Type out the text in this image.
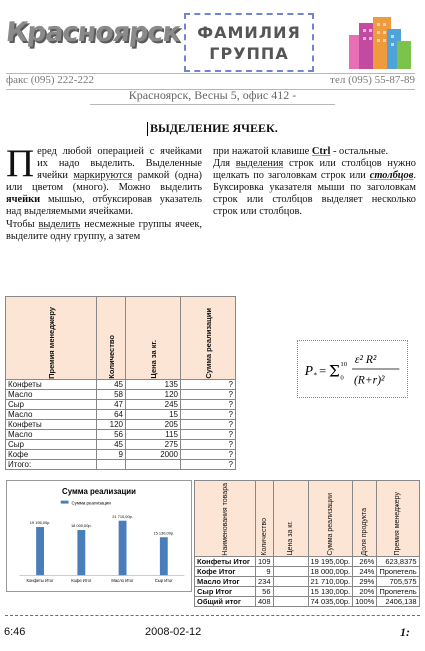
Красноярск ФАМИЛИЯ
ГРУППА
факс (095) 222-222	тел (095) 55-87-89
Красноярск, Весны 5, офис 412 -
ВЫДЕЛЕНИЕ ЯЧЕЕК.

П еред любой операцией с ячейками их надо выделить. Выделенные ячейки маркируются рамкой (одна) или цветом (много). Можно выделить ячейки мышью, отбуксировав указатель над выделяемыми ячейками.

Чтобы выделить несмежные группы ячеек, выделите одну группу, а затем

при нажатой клавише Ctrl - остальные.

Для выделения строк или столбцов нужно щелкать по заголовкам строк или столбцов. Буксировка указателя мыши по заголовкам строк или столбцов выделяет несколько строк или столбцов.

Премия менеджеру	Количество	Цена за кг.	Сумма реализации

Конфеты	45	135	?
Масло	58	120	?
Сыр	47	245	?
Масло	64	15	?
Конфеты	120	205	?
Масло	56	115	?
Сыр	45	275	?
Кофе	9	2000	?
Итого:			?
P * = Σ 10
0
ε² R²
(R+r)²
Сумма реализации
Сумма реализации
19 195,00р.
Конфеты Итог
18 000,00р.
Кофе Итог
21 710,00р.
Масло Итог
15 130,00р.
Сыр Итог
Наименования товара	Количество	Цена за кг.	Сумма реализации	Доля продукта	Премия менеджеру

Конфеты Итог	109		19 195,00р.	26%	623,8375
Кофе Итог	9		18 000,00р.	24%	Пропетель
Масло Итог	234		21 710,00р.	29%	705,575
Сыр Итог	56		15 130,00р.	20%	Пропетель
Общий итог	408		74 035,00р.	100%	2406,138
6:46	2008-02-12	1:
